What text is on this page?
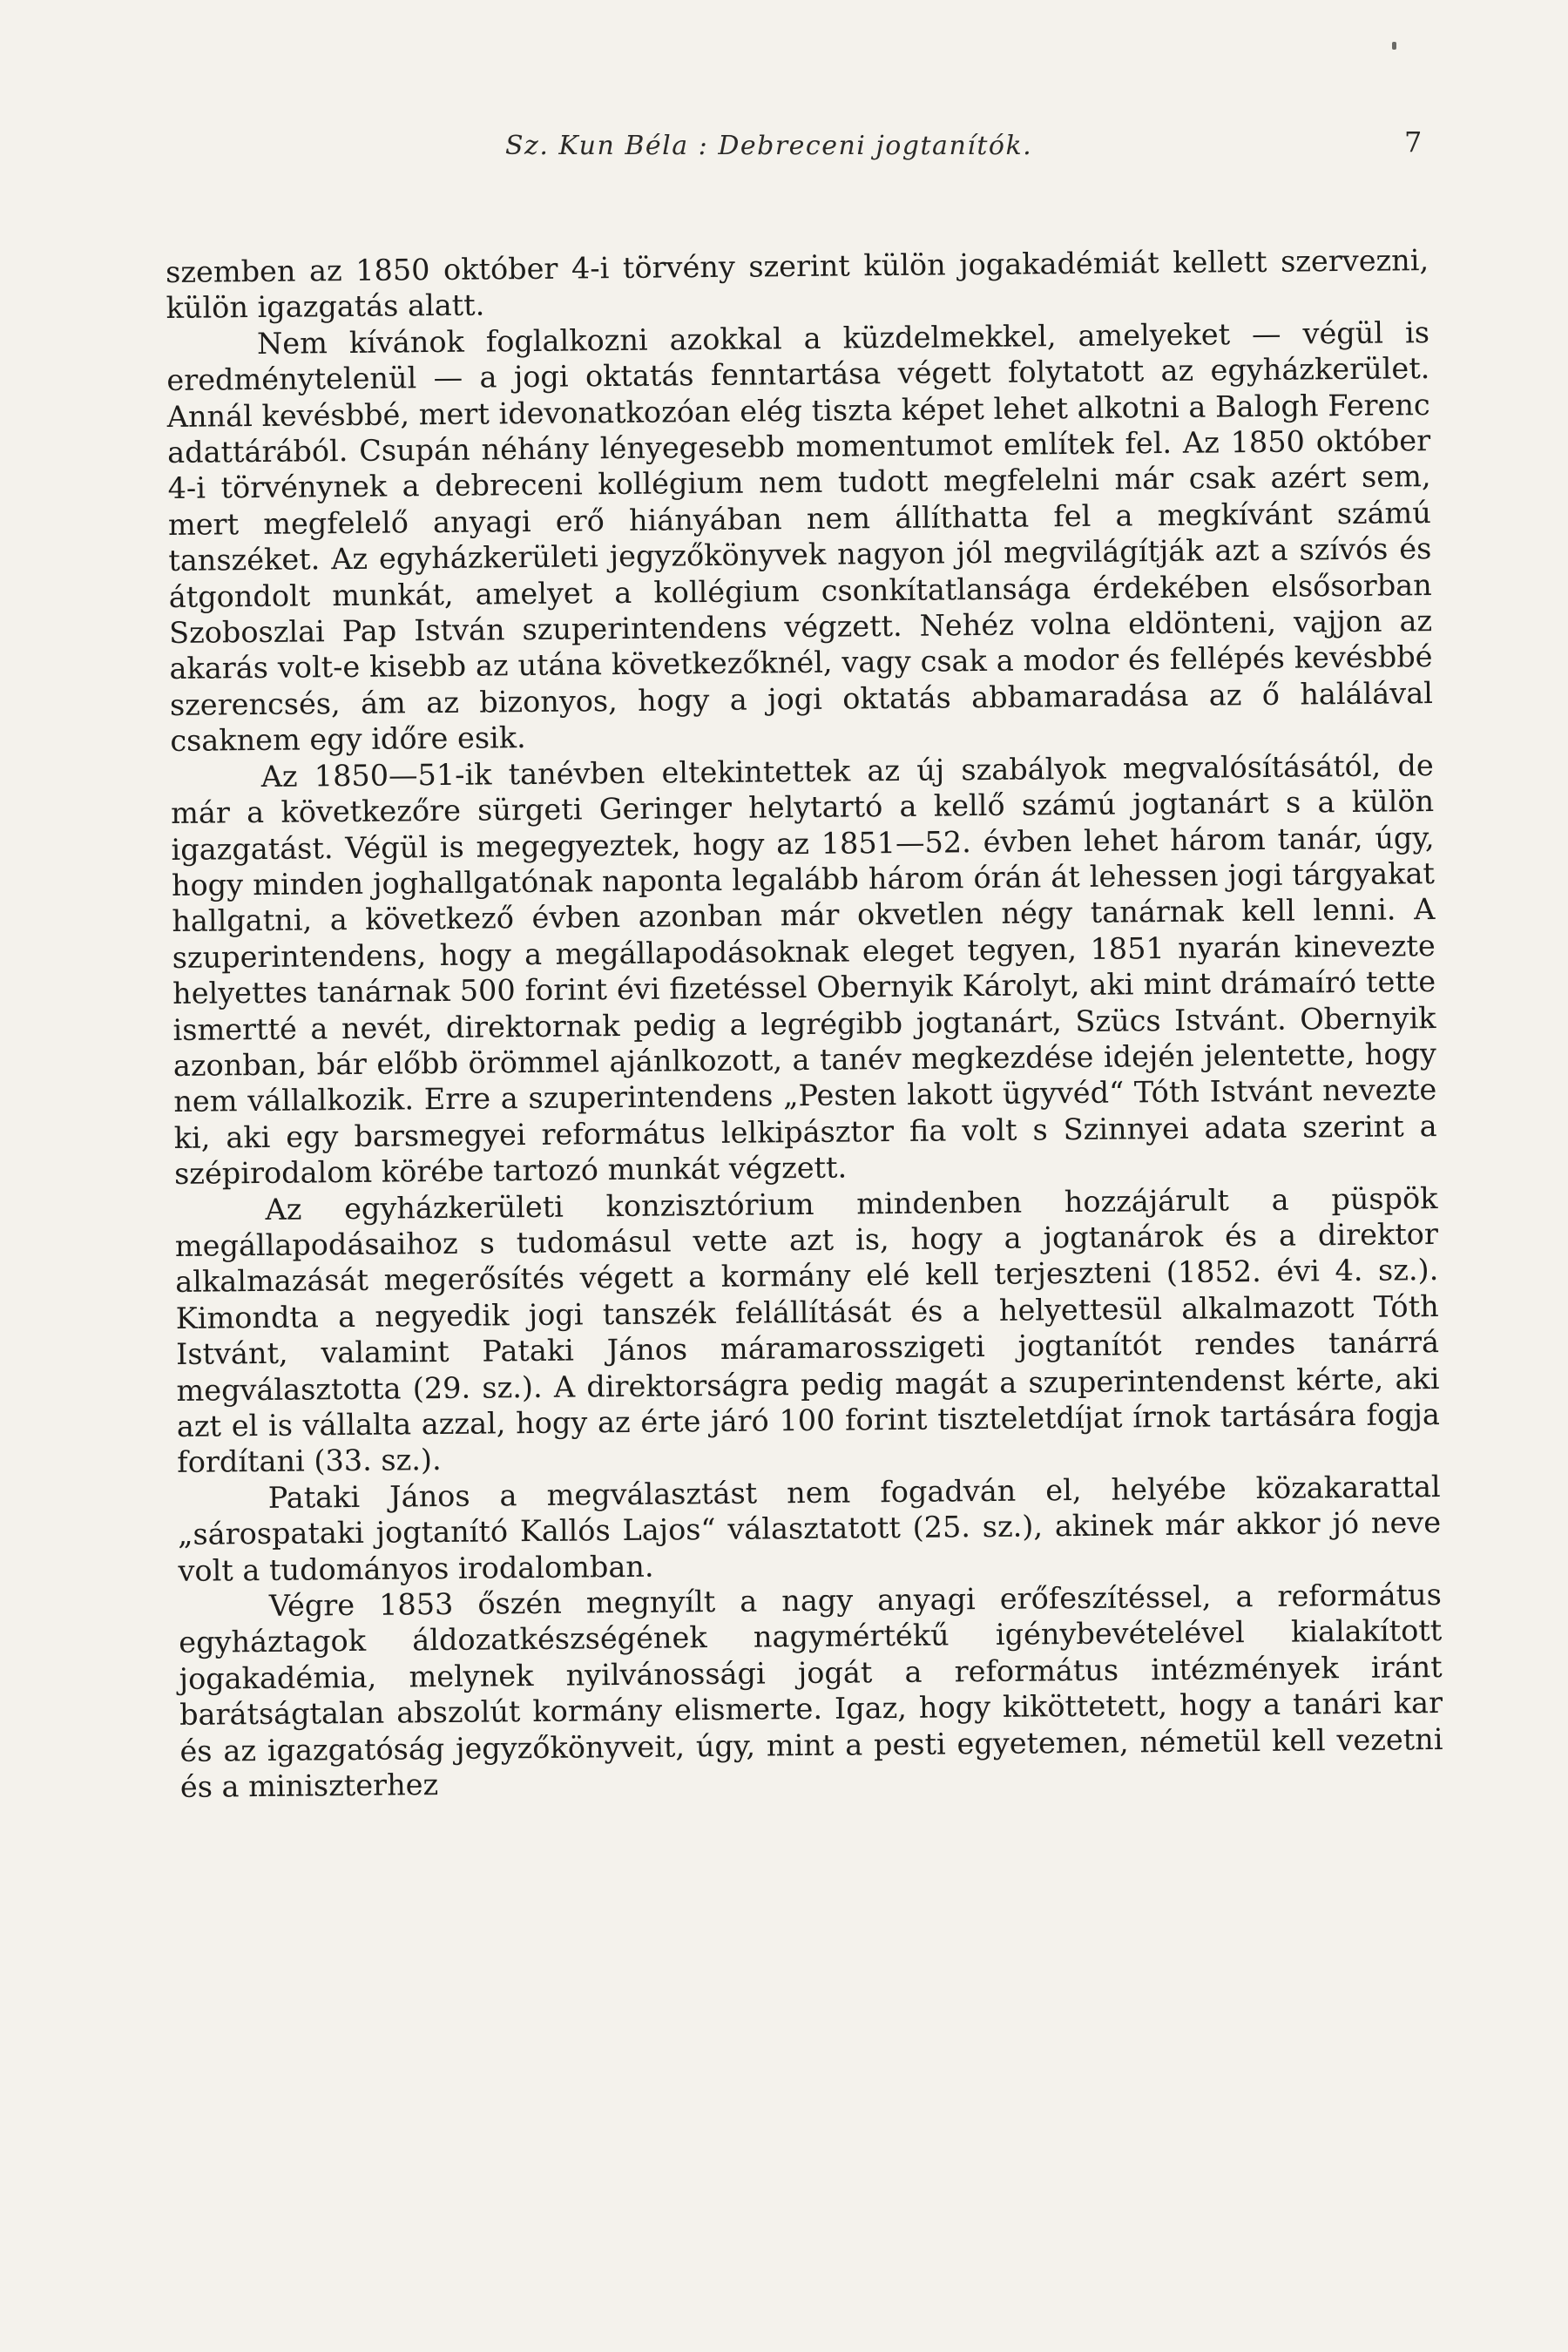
Sz. Kun Béla : Debreceni jogtanítók.	7

szemben az 1850 október 4-i törvény szerint külön jogakadémiát kellett szervezni, külön igazgatás alatt.

Nem kívánok foglalkozni azokkal a küzdelmekkel, amelyeket — végül is eredménytelenül — a jogi oktatás fenntartása végett folytatott az egyházkerület. Annál kevésbbé, mert idevonatkozóan elég tiszta képet lehet alkotni a Balogh Ferenc adattárából. Csupán néhány lényegesebb momentumot említek fel. Az 1850 október 4-i törvénynek a debreceni kollégium nem tudott megfelelni már csak azért sem, mert megfelelő anyagi erő hiányában nem állíthatta fel a megkívánt számú tanszéket. Az egyházkerületi jegyzőkönyvek nagyon jól megvilágítják azt a szívós és átgondolt munkát, amelyet a kollégium csonkítatlansága érdekében elsősorban Szoboszlai Pap István szuperintendens végzett. Nehéz volna eldönteni, vajjon az akarás volt-e kisebb az utána következőknél, vagy csak a modor és fellépés kevésbbé szerencsés, ám az bizonyos, hogy a jogi oktatás abbamaradása az ő halálával csaknem egy időre esik.

Az 1850—51-ik tanévben eltekintettek az új szabályok megvalósításától, de már a következőre sürgeti Geringer helytartó a kellő számú jogtanárt s a külön igazgatást. Végül is megegyeztek, hogy az 1851—52. évben lehet három tanár, úgy, hogy minden joghallgatónak naponta legalább három órán át lehessen jogi tárgyakat hallgatni, a következő évben azonban már okvetlen négy tanárnak kell lenni. A szuperintendens, hogy a megállapodásoknak eleget tegyen, 1851 nyarán kinevezte helyettes tanárnak 500 forint évi fizetéssel Obernyik Károlyt, aki mint drámaíró tette ismertté a nevét, direktornak pedig a legrégibb jogtanárt, Szücs Istvánt. Obernyik azonban, bár előbb örömmel ajánlkozott, a tanév megkezdése idején jelentette, hogy nem vállalkozik. Erre a szuperintendens „Pesten lakott ügyvéd“ Tóth Istvánt nevezte ki, aki egy barsmegyei református lelkipásztor fia volt s Szinnyei adata szerint a szépirodalom körébe tartozó munkát végzett.

Az egyházkerületi konzisztórium mindenben hozzájárult a püspök megállapodásaihoz s tudomásul vette azt is, hogy a jogtanárok és a direktor alkalmazását megerősítés végett a kormány elé kell terjeszteni (1852. évi 4. sz.). Kimondta a negyedik jogi tanszék felállítását és a helyettesül alkalmazott Tóth Istvánt, valamint Pataki János máramarosszigeti jogtanítót rendes tanárrá megválasztotta (29. sz.). A direktorságra pedig magát a szuperintendenst kérte, aki azt el is vállalta azzal, hogy az érte járó 100 forint tiszteletdíjat írnok tartására fogja fordítani (33. sz.).

Pataki János a megválasztást nem fogadván el, helyébe közakarattal „sárospataki jogtanító Kallós Lajos“ választatott (25. sz.), akinek már akkor jó neve volt a tudományos irodalomban.

Végre 1853 őszén megnyílt a nagy anyagi erőfeszítéssel, a református egyháztagok áldozatkészségének nagymértékű igénybevételével kialakított jogakadémia, melynek nyilvánossági jogát a református intézmények iránt barátságtalan abszolút kormány elismerte. Igaz, hogy kiköttetett, hogy a tanári kar és az igazgatóság jegyzőkönyveit, úgy, mint a pesti egyetemen, németül kell vezetni és a miniszterhez
